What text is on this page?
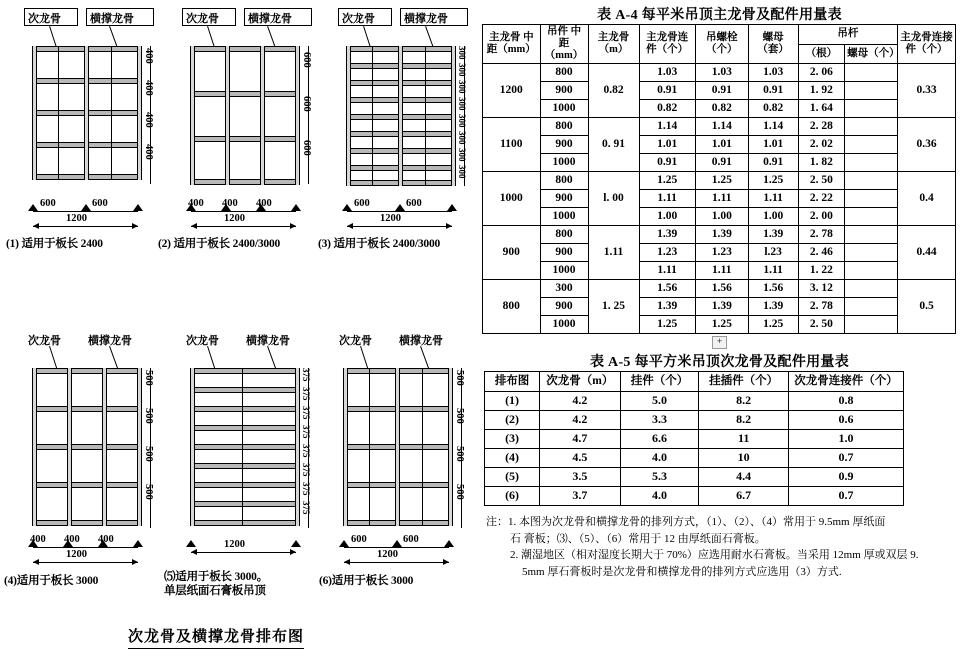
次龙骨	横撑龙骨
400
400
400
400
600	600
1200
(1) 适用于板长 2400
次龙骨	横撑龙骨
600
600
600
400 400 400
1200
(2) 适用于板长 2400/3000
次龙骨	横撑龙骨
300
300
300
300
300
300
300
300
600	600
1200
(3) 适用于板长 2400/3000
次龙骨 横撑龙骨
500
500
500
500
400 400 400
1200
(4)适用于板长 3000
次龙骨 横撑龙骨
375
375
375
375
375
375
375
375
1200
⑸适用于板长 3000。
单层纸面石膏板吊顶
次龙骨 横撑龙骨
500
500
500
500
600	600
1200
(6)适用于板长 3000
次龙骨及横撑龙骨排布图
表 A-4 每平米吊顶主龙骨及配件用量表
主龙骨 中距（mm）	吊件 中距（mm）	主龙骨（m）	主龙骨连件（个）	吊螺栓（个）	螺母（套）	吊杆		主龙骨连接件（个）
						（根）	螺母（个）	
1200	800	0.82	1.03	1.03	1.03	2. 06		0.33
	900		0.91	0.91	0.91	1. 92		
	1000		0.82	0.82	0.82	1. 64		
1100	800	0. 91	1.14	1.14	1.14	2. 28		0.36
	900		1.01	1.01	1.01	2. 02		
	1000		0.91	0.91	0.91	1. 82		
1000	800	l. 00	1.25	1.25	1.25	2. 50		0.4
	900		1.11	1.11	1.11	2. 22		
	1000		1.00	1.00	1.00	2. 00		
900	800	1.11	1.39	1.39	1.39	2. 78		0.44
	900		1.23	1.23	l.23	2. 46		
	1000		1.11	1.11	1.11	1. 22		
800	300	1. 25	1.56	1.56	1.56	3. 12		0.5
	900		1.39	1.39	1.39	2. 78		
	1000		1.25	1.25	1.25	2. 50		
+
表 A-5 每平方米吊顶次龙骨及配件用量表
排布图	次龙骨（m）	挂件（个）	挂插件（个）	次龙骨连接件（个）
(1)	4.2	5.0	8.2	0.8
(2)	4.2	3.3	8.2	0.6
(3)	4.7	6.6	11	1.0
(4)	4.5	4.0	10	0.7
(5)	3.5	5.3	4.4	0.9
(6)	3.7	4.0	6.7	0.7
注：1. 本图为次龙骨和横撑龙骨的排列方式，（1）、（2）、（4）常用于 9.5mm 厚纸面
石 膏板；⑶、（5）、（6）常用于 12 由厚纸面石膏板。
2. 潮湿地区（相对湿度长期大于 70%）应选用耐水石膏板。当采用 12mm 厚或双层 9.
5mm 厚石膏板时是次龙骨和横撑龙骨的排列方式应选用（3）方式.
